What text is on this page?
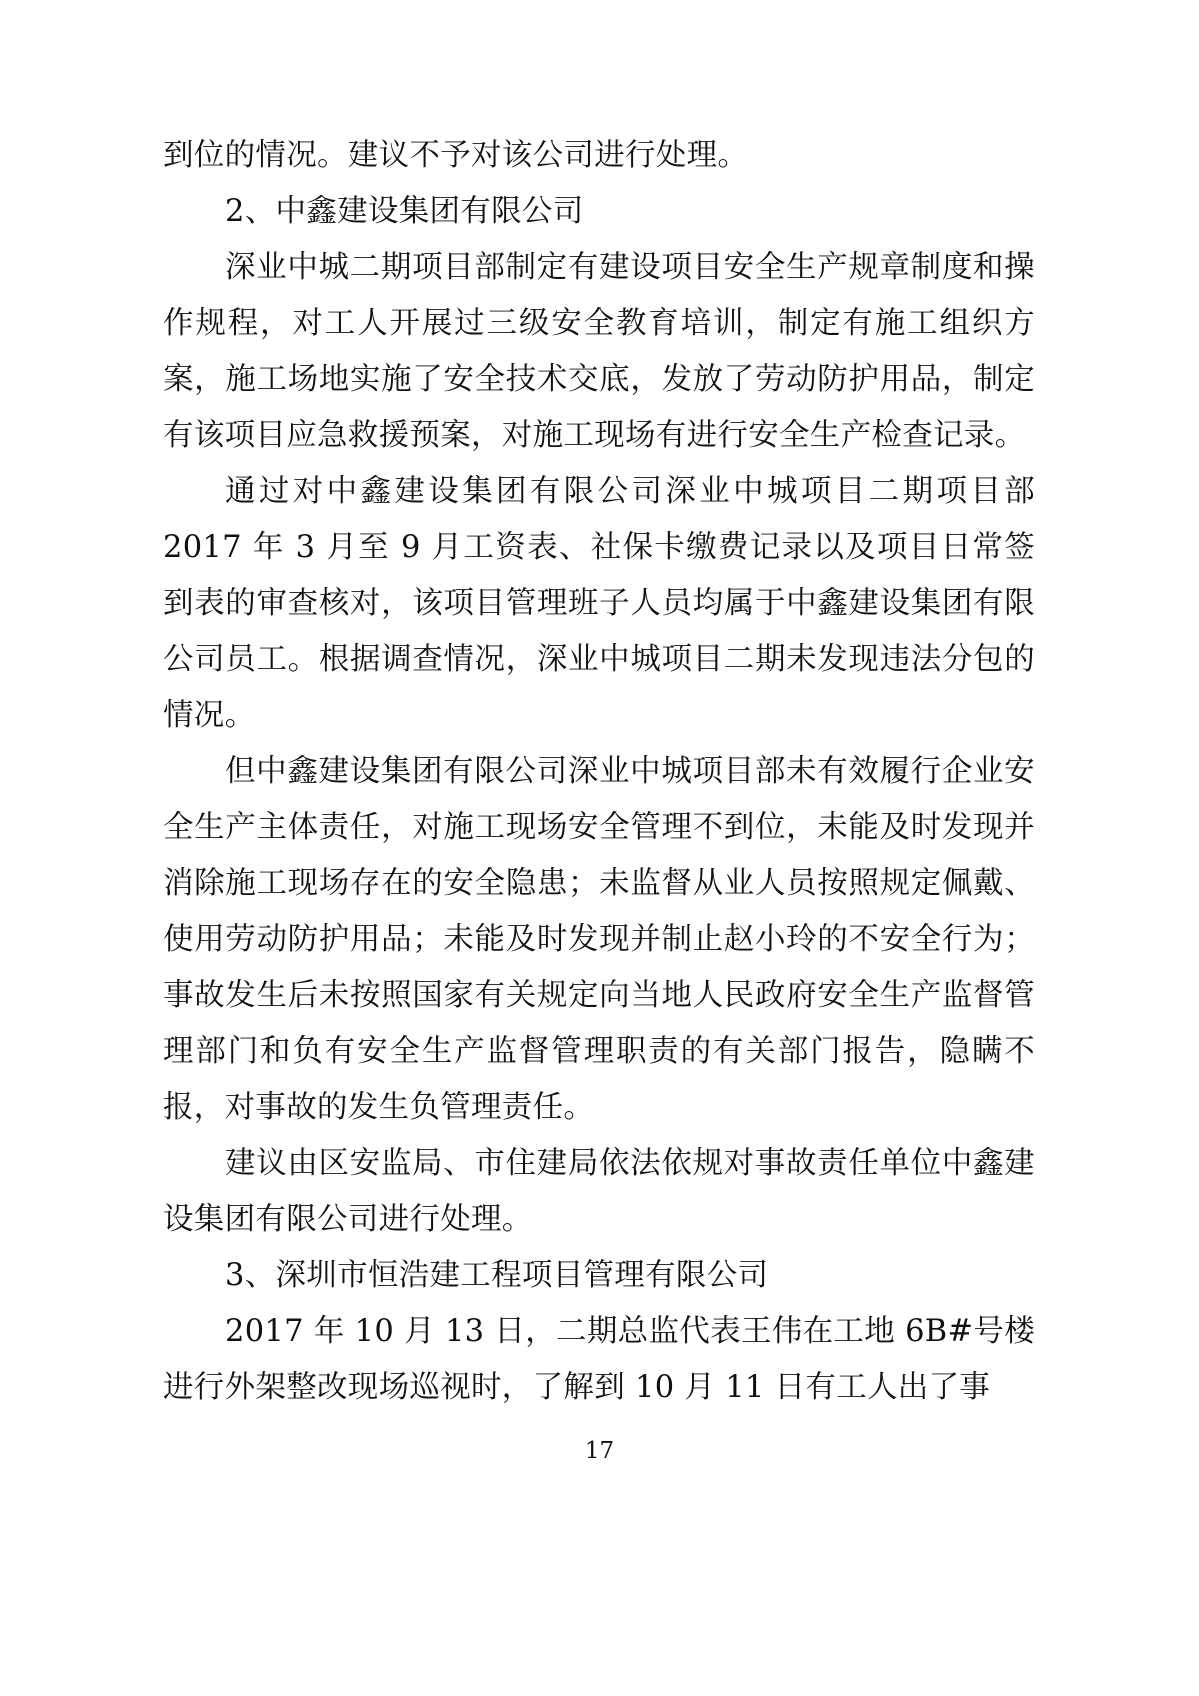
到位的情况。建议不予对该公司进行处理。

2、中鑫建设集团有限公司

深业中城二期项目部制定有建设项目安全生产规章制度和操作规程，对工人开展过三级安全教育培训，制定有施工组织方案，施工场地实施了安全技术交底，发放了劳动防护用品，制定有该项目应急救援预案，对施工现场有进行安全生产检查记录。

通过对中鑫建设集团有限公司深业中城项目二期项目部 2017 年 3 月至 9 月工资表、社保卡缴费记录以及项目日常签到表的审查核对，该项目管理班子人员均属于中鑫建设集团有限公司员工。根据调查情况，深业中城项目二期未发现违法分包的情况。

但中鑫建设集团有限公司深业中城项目部未有效履行企业安全生产主体责任，对施工现场安全管理不到位，未能及时发现并消除施工现场存在的安全隐患；未监督从业人员按照规定佩戴、使用劳动防护用品；未能及时发现并制止赵小玲的不安全行为；事故发生后未按照国家有关规定向当地人民政府安全生产监督管理部门和负有安全生产监督管理职责的有关部门报告，隐瞒不报，对事故的发生负管理责任。

建议由区安监局、市住建局依法依规对事故责任单位中鑫建设集团有限公司进行处理。

3、深圳市恒浩建工程项目管理有限公司

2017 年 10 月 13 日，二期总监代表王伟在工地 6B#号楼进行外架整改现场巡视时，了解到 10 月 11 日有工人出了事

17
